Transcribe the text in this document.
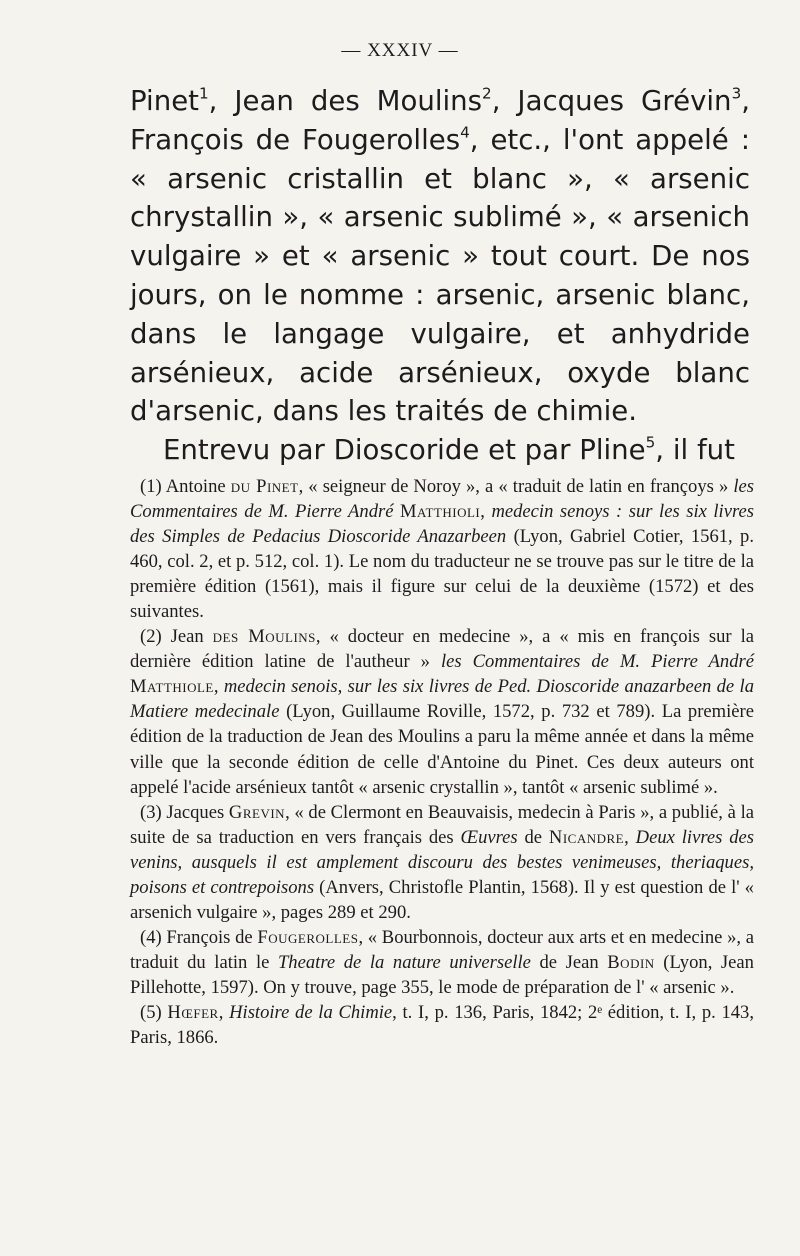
— XXXIV —

Pinet$^1$, Jean des Moulins$^2$, Jacques Grévin$^3$, François de Fougerolles$^4$, etc., l'ont appelé : « arsenic cristallin et blanc », « arsenic chrystallin », « arsenic sublimé », « arsenich vulgaire » et « arsenic » tout court. De nos jours, on le nomme : arsenic, arsenic blanc, dans le langage vulgaire, et anhydride arsénieux, acide arsénieux, oxyde blanc d'arsenic, dans les traités de chimie.

Entrevu par Dioscoride et par Pline$^5$, il fut

(1) Antoine du Pinet, « seigneur de Noroy », a « traduit de latin en françoys » les Commentaires de M. Pierre André Matthioli, medecin senoys : sur les six livres des Simples de Pedacius Dioscoride Anazarbeen (Lyon, Gabriel Cotier, 1561, p. 460, col. 2, et p. 512, col. 1). Le nom du traducteur ne se trouve pas sur le titre de la première édition (1561), mais il figure sur celui de la deuxième (1572) et des suivantes.

(2) Jean des Moulins, « docteur en medecine », a « mis en françois sur la dernière édition latine de l'autheur » les Commentaires de M. Pierre André Matthiole, medecin senois, sur les six livres de Ped. Dioscoride anazarbeen de la Matiere medecinale (Lyon, Guillaume Roville, 1572, p. 732 et 789). La première édition de la traduction de Jean des Moulins a paru la même année et dans la même ville que la seconde édition de celle d'Antoine du Pinet. Ces deux auteurs ont appelé l'acide arsénieux tantôt « arsenic crystallin », tantôt « arsenic sublimé ».

(3) Jacques Grevin, « de Clermont en Beauvaisis, medecin à Paris », a publié, à la suite de sa traduction en vers français des Œuvres de Nicandre, Deux livres des venins, ausquels il est amplement discouru des bestes venimeuses, theriaques, poisons et contrepoisons (Anvers, Christofle Plantin, 1568). Il y est question de l' « arsenich vulgaire », pages 289 et 290.

(4) François de Fougerolles, « Bourbonnois, docteur aux arts et en medecine », a traduit du latin le Theatre de la nature universelle de Jean Bodin (Lyon, Jean Pillehotte, 1597). On y trouve, page 355, le mode de préparation de l' « arsenic ».

(5) Hœfer, Histoire de la Chimie, t. I, p. 136, Paris, 1842; 2ᵉ édition, t. I, p. 143, Paris, 1866.
